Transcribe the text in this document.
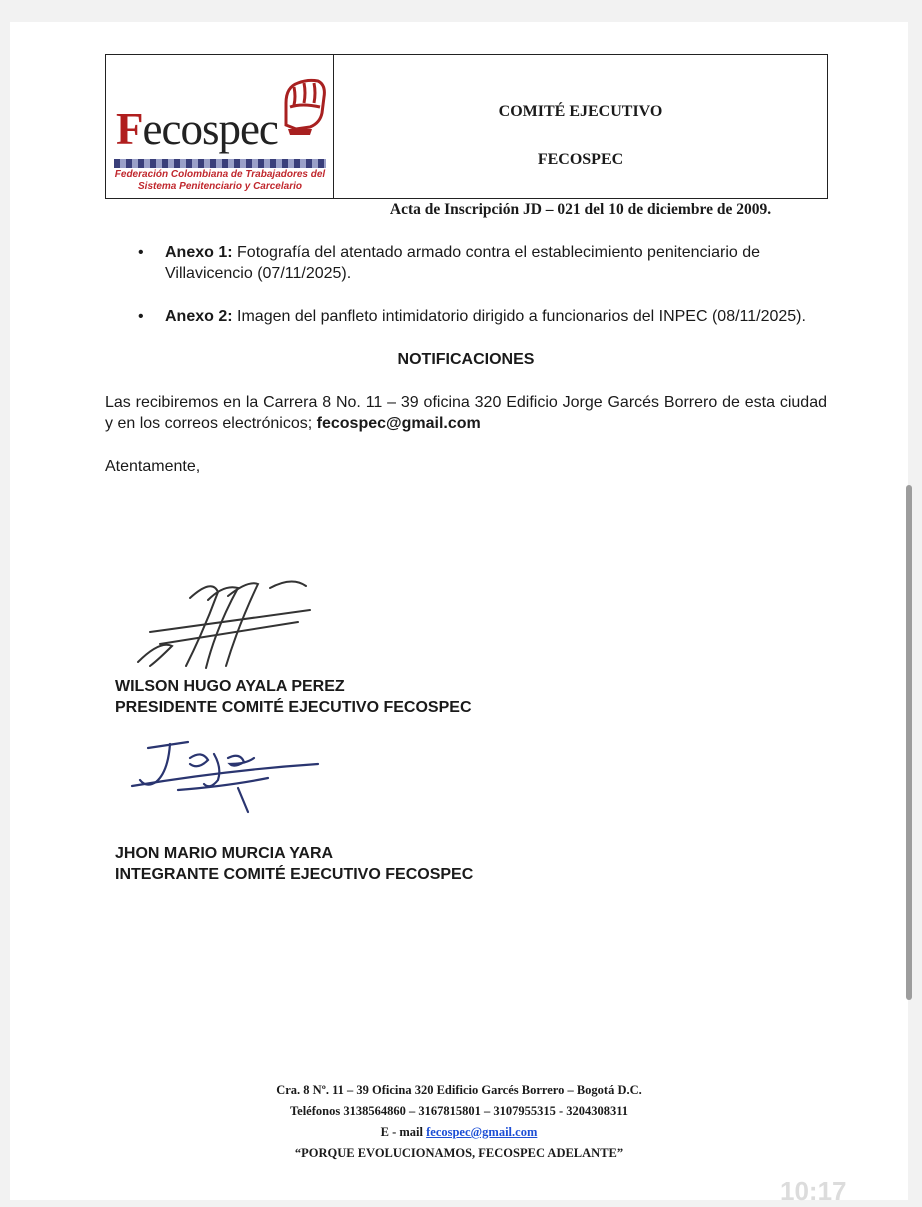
Fecospec
Federación Colombiana de Trabajadores del
Sistema Penitenciario y Carcelario
COMITÉ EJECUTIVO
FECOSPEC
Acta de Inscripción JD – 021 del 10 de diciembre de 2009.
• Anexo 1: Fotografía del atentado armado contra el establecimiento penitenciario de Villavicencio (07/11/2025).
• Anexo 2: Imagen del panfleto intimidatorio dirigido a funcionarios del INPEC (08/11/2025).
NOTIFICACIONES

Las recibiremos en la Carrera 8 No. 11 – 39 oficina 320 Edificio Jorge Garcés Borrero de esta ciudad y en los correos electrónicos; fecospec@gmail.com

Atentamente,
WILSON HUGO AYALA PEREZ
PRESIDENTE COMITÉ EJECUTIVO FECOSPEC
JHON MARIO MURCIA YARA
INTEGRANTE COMITÉ EJECUTIVO FECOSPEC
Cra. 8 Nº. 11 – 39 Oficina 320 Edificio Garcés Borrero – Bogotá D.C.
Teléfonos 3138564860 – 3167815801 – 3107955315 - 3204308311
E - mail fecospec@gmail.com
“PORQUE EVOLUCIONAMOS, FECOSPEC ADELANTE”
10:17
